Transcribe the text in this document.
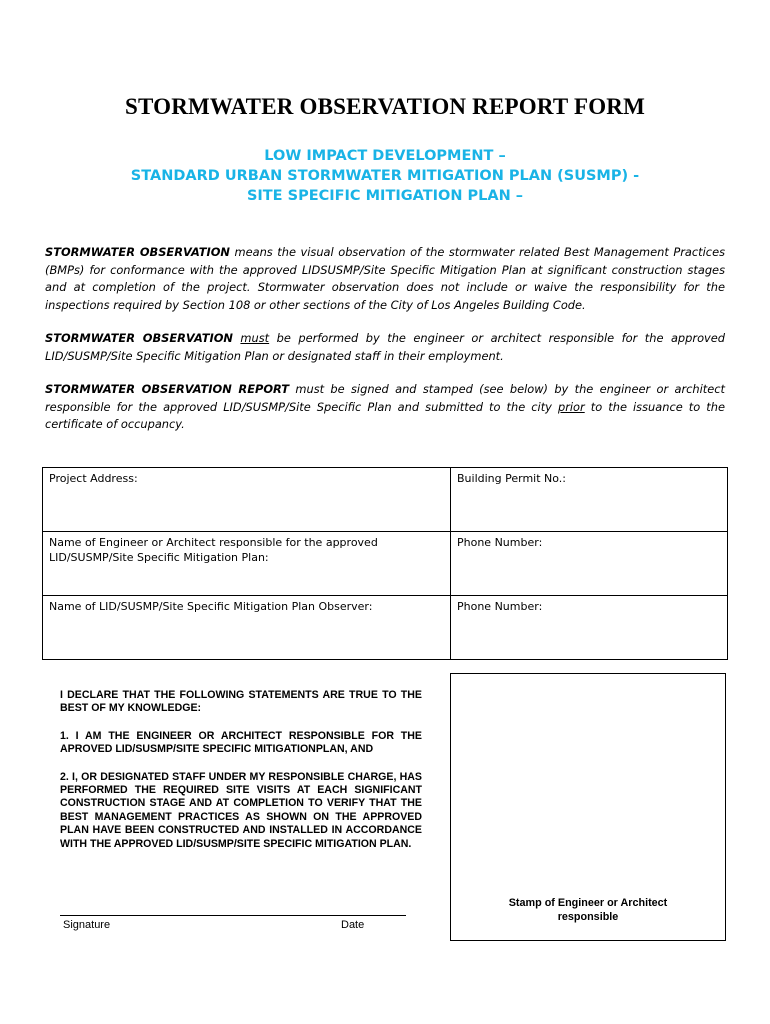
STORMWATER OBSERVATION REPORT FORM
LOW IMPACT DEVELOPMENT –
STANDARD URBAN STORMWATER MITIGATION PLAN (SUSMP) -
SITE SPECIFIC MITIGATION PLAN –

STORMWATER OBSERVATION means the visual observation of the stormwater related Best Management Practices (BMPs) for conformance with the approved LIDSUSMP/Site Specific Mitigation Plan at significant construction stages and at completion of the project. Stormwater observation does not include or waive the responsibility for the inspections required by Section 108 or other sections of the City of Los Angeles Building Code.

STORMWATER OBSERVATION must be performed by the engineer or architect responsible for the approved LID/SUSMP/Site Specific Mitigation Plan or designated staff in their employment.

STORMWATER OBSERVATION REPORT must be signed and stamped (see below) by the engineer or architect responsible for the approved LID/SUSMP/Site Specific Plan and submitted to the city prior to the issuance to the certificate of occupancy.

Project Address:	Building Permit No.:
Name of Engineer or Architect responsible for the approved LID/SUSMP/Site Specific Mitigation Plan:	Phone Number:
Name of LID/SUSMP/Site Specific Mitigation Plan Observer:	Phone Number:

I DECLARE THAT THE FOLLOWING STATEMENTS ARE TRUE TO THE BEST OF MY KNOWLEDGE:

1. I AM THE ENGINEER OR ARCHITECT RESPONSIBLE FOR THE APROVED LID/SUSMP/SITE SPECIFIC MITIGATIONPLAN, AND

2. I, OR DESIGNATED STAFF UNDER MY RESPONSIBLE CHARGE, HAS PERFORMED THE REQUIRED SITE VISITS AT EACH SIGNIFICANT CONSTRUCTION STAGE AND AT COMPLETION TO VERIFY THAT THE BEST MANAGEMENT PRACTICES AS SHOWN ON THE APPROVED PLAN HAVE BEEN CONSTRUCTED AND INSTALLED IN ACCORDANCE WITH THE APPROVED LID/SUSMP/SITE SPECIFIC MITIGATION PLAN.

Signature	Date
Stamp of Engineer or Architect
responsible
